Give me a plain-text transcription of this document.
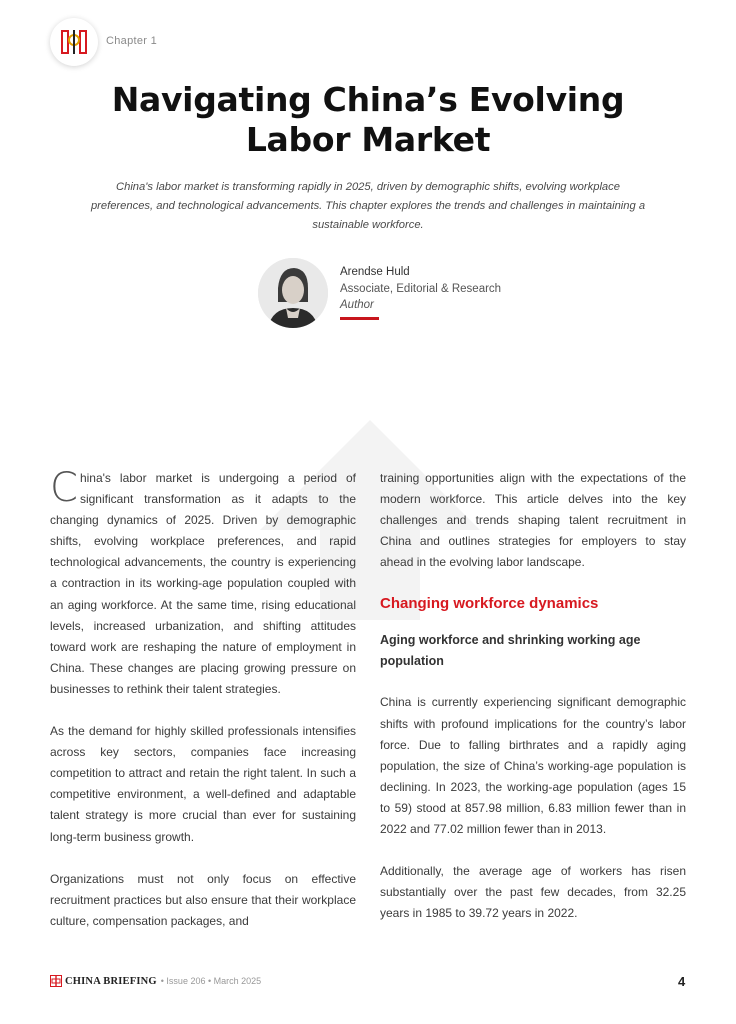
Chapter 1
Navigating China’s Evolving
Labor Market

China's labor market is transforming rapidly in 2025, driven by demographic shifts, evolving workplace preferences, and technological advancements. This chapter explores the trends and challenges in maintaining a sustainable workforce.

Arendse Huld
Associate, Editorial & Research
Author

China's labor market is undergoing a period of significant transformation as it adapts to the changing dynamics of 2025. Driven by demographic shifts, evolving workplace preferences, and rapid technological advancements, the country is experiencing a contraction in its working-age population coupled with an aging workforce. At the same time, rising educational levels, increased urbanization, and shifting attitudes toward work are reshaping the nature of employment in China. These changes are placing growing pressure on businesses to rethink their talent strategies.

As the demand for highly skilled professionals intensifies across key sectors, companies face increasing competition to attract and retain the right talent. In such a competitive environment, a well-defined and adaptable talent strategy is more crucial than ever for sustaining long-term business growth.

Organizations must not only focus on effective recruitment practices but also ensure that their workplace culture, compensation packages, and

training opportunities align with the expectations of the modern workforce. This article delves into the key challenges and trends shaping talent recruitment in China and outlines strategies for employers to stay ahead in the evolving labor landscape.

Changing workforce dynamics
Aging workforce and shrinking working age population

China is currently experiencing significant demographic shifts with profound implications for the country’s labor force. Due to falling birthrates and a rapidly aging population, the size of China’s working-age population is declining. In 2023, the working-age population (ages 15 to 59) stood at 857.98 million, 6.83 million fewer than in 2022 and 77.02 million fewer than in 2013.

Additionally, the average age of workers has risen substantially over the past few decades, from 32.25 years in 1985 to 39.72 years in 2022.

CHINA BRIEFING • Issue 206 • March 2025	4
